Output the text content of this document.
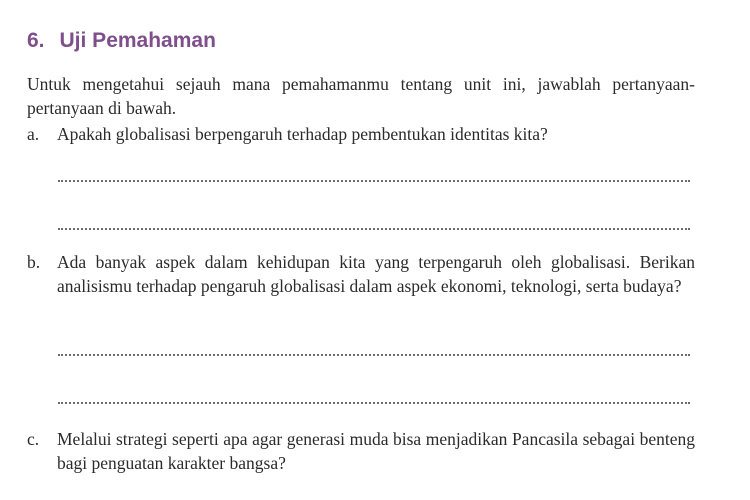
6. Uji Pemahaman
Untuk mengetahui sejauh mana pemahamanmu tentang unit ini, jawablah pertanyaan-pertanyaan di bawah.
a.	Apakah globalisasi berpengaruh terhadap pembentukan identitas kita?
b. Ada banyak aspek dalam kehidupan kita yang terpengaruh oleh globalisasi. Berikan analisismu terhadap pengaruh globalisasi dalam aspek ekonomi, teknologi, serta budaya?
c.	Melalui strategi seperti apa agar generasi muda bisa menjadikan Pancasila sebagai benteng bagi penguatan karakter bangsa?
